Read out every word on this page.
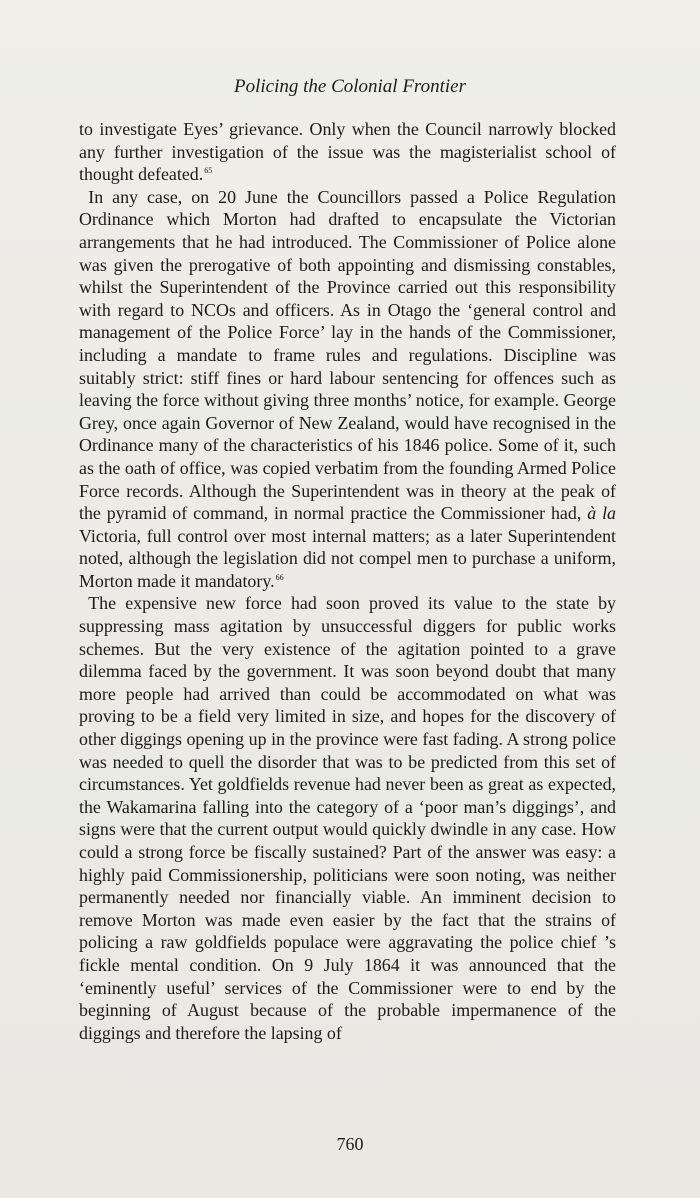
Policing the Colonial Frontier

to investigate Eyes’ grievance. Only when the Council narrowly blocked any further investigation of the issue was the magisterialist school of thought defeated.$^{65}$

 In any case, on 20 June the Councillors passed a Police Regulation Ordinance which Morton had drafted to encapsulate the Victorian arrangements that he had introduced. The Commissioner of Police alone was given the prerogative of both appointing and dismissing constables, whilst the Superintendent of the Province carried out this responsibility with regard to NCOs and officers. As in Otago the ‘general control and management of the Police Force’ lay in the hands of the Commissioner, including a mandate to frame rules and regulations. Discipline was suitably strict: stiff fines or hard labour sentencing for offences such as leaving the force without giving three months’ notice, for example. George Grey, once again Governor of New Zealand, would have recognised in the Ordinance many of the characteristics of his 1846 police. Some of it, such as the oath of office, was copied verbatim from the founding Armed Police Force records. Although the Superintendent was in theory at the peak of the pyramid of command, in normal practice the Commissioner had, à la Victoria, full control over most internal matters; as a later Superintendent noted, although the legislation did not compel men to purchase a uniform, Morton made it mandatory.$^{66}$

 The expensive new force had soon proved its value to the state by suppressing mass agitation by unsuccessful diggers for public works schemes. But the very existence of the agitation pointed to a grave dilemma faced by the government. It was soon beyond doubt that many more people had arrived than could be accommodated on what was proving to be a field very limited in size, and hopes for the discovery of other diggings opening up in the province were fast fading. A strong police was needed to quell the disorder that was to be predicted from this set of circumstances. Yet goldfields revenue had never been as great as expected, the Wakamarina falling into the category of a ‘poor man’s diggings’, and signs were that the current output would quickly dwindle in any case. How could a strong force be fiscally sustained? Part of the answer was easy: a highly paid Commissionership, politicians were soon noting, was neither permanently needed nor financially viable. An imminent decision to remove Morton was made even easier by the fact that the strains of policing a raw goldfields populace were aggravating the police chief ’s fickle mental condition. On 9 July 1864 it was announced that the ‘eminently useful’ services of the Commissioner were to end by the beginning of August because of the probable impermanence of the diggings and therefore the lapsing of

760
